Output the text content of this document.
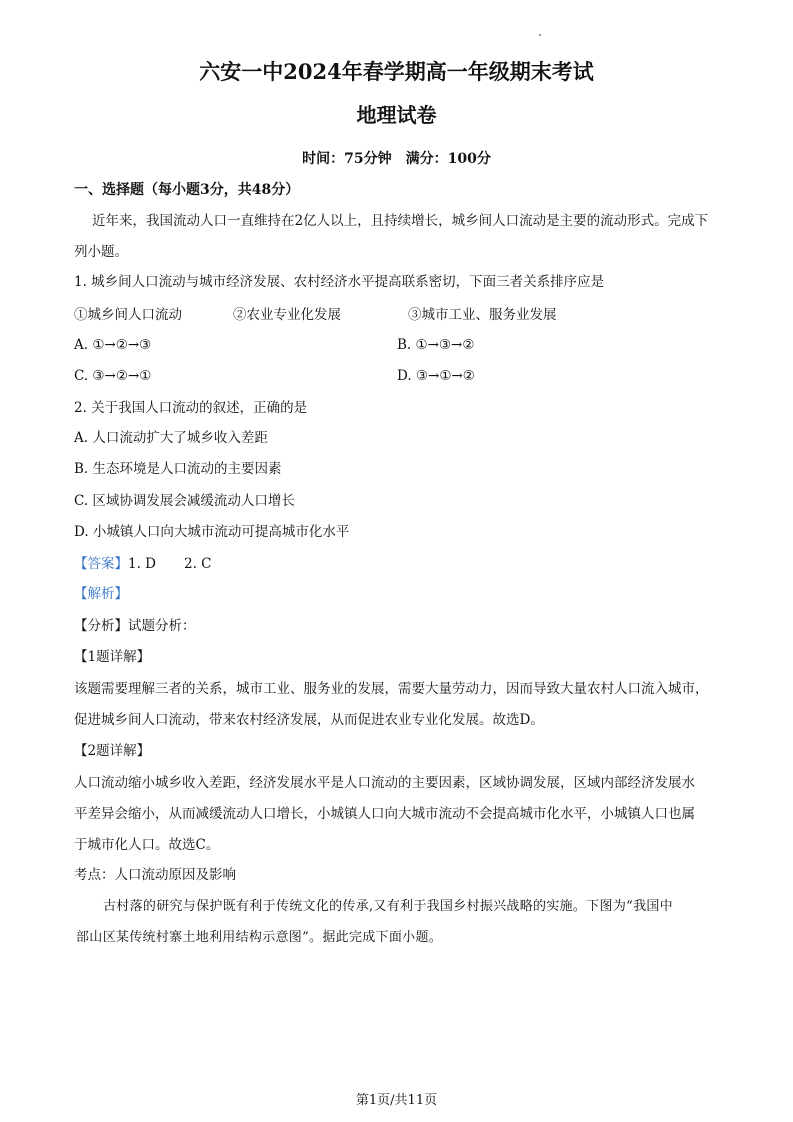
六安一中2024年春学期高一年级期末考试
地理试卷
时间：75分钟　满分：100分
一、选择题（每小题3分，共48分）
近年来，我国流动人口一直维持在2亿人以上，且持续增长，城乡间人口流动是主要的流动形式。完成下
列小题。
1. 城乡间人口流动与城市经济发展、农村经济水平提高联系密切，下面三者关系排序应是
①城乡间人口流动	②农业专业化发展	③城市工业、服务业发展
A. ①→②→③	B. ①→③→②
C. ③→②→①	D. ③→①→②
2. 关于我国人口流动的叙述，正确的是
A. 人口流动扩大了城乡收入差距
B. 生态环境是人口流动的主要因素
C. 区域协调发展会减缓流动人口增长
D. 小城镇人口向大城市流动可提高城市化水平
【答案】1. D 2. C
【解析】
【分析】试题分析：
【1题详解】
该题需要理解三者的关系，城市工业、服务业的发展，需要大量劳动力，因而导致大量农村人口流入城市，
促进城乡间人口流动，带来农村经济发展，从而促进农业专业化发展。故选D。
【2题详解】
人口流动缩小城乡收入差距，经济发展水平是人口流动的主要因素，区域协调发展，区域内部经济发展水
平差异会缩小，从而减缓流动人口增长，小城镇人口向大城市流动不会提高城市化水平，小城镇人口也属
于城市化人口。故选C。
考点：人口流动原因及影响
古村落的研究与保护既有利于传统文化的传承,又有利于我国乡村振兴战略的实施。下图为“我国中
部山区某传统村寨土地利用结构示意图”。据此完成下面小题。
第1页/共11页
